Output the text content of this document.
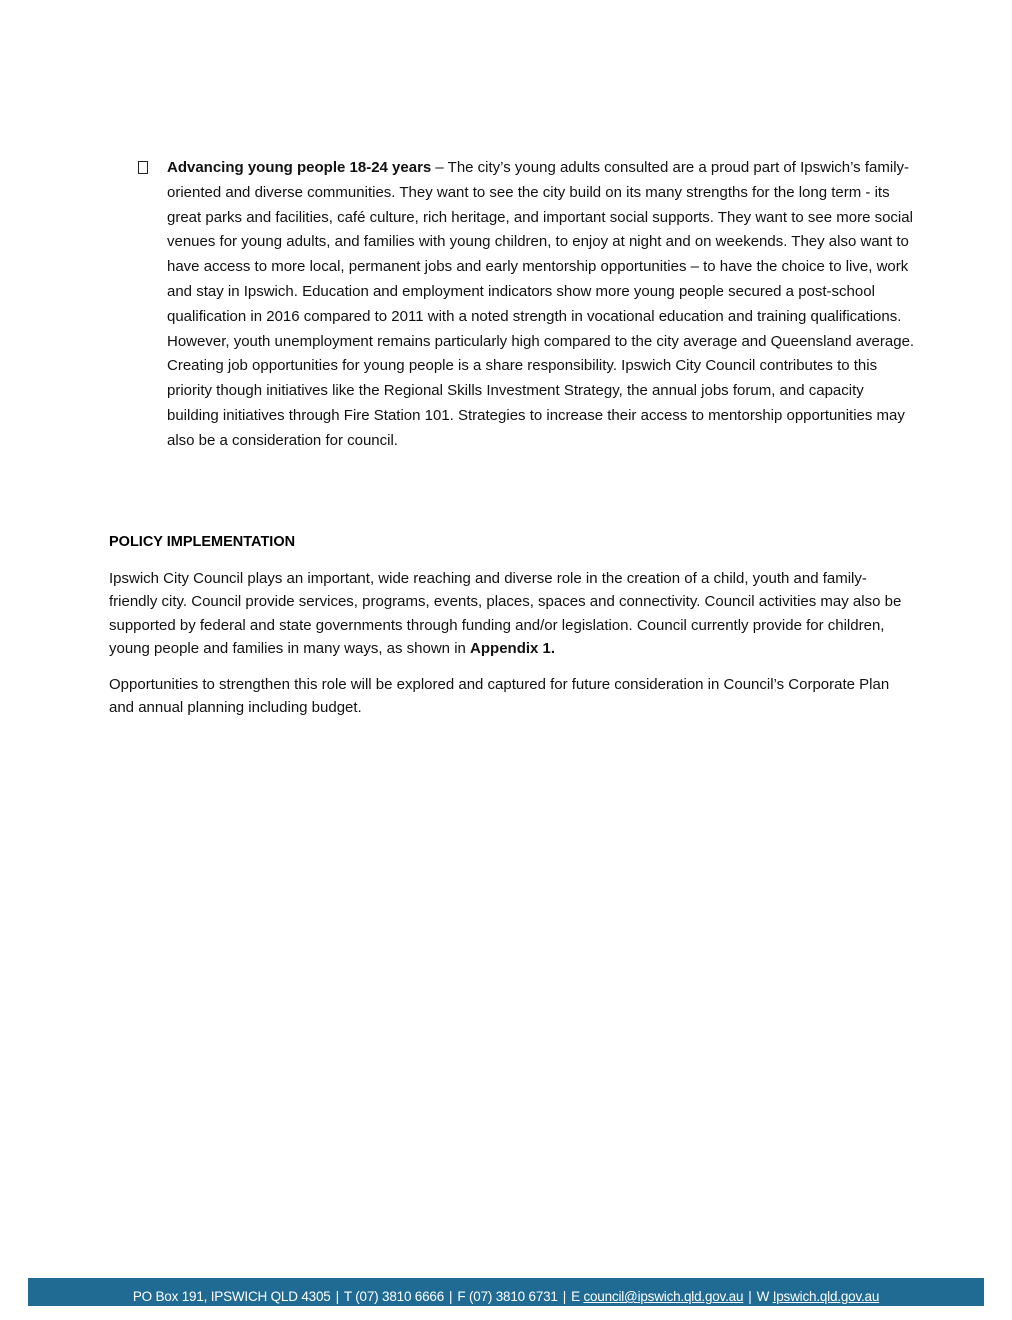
Advancing young people 18-24 years – The city’s young adults consulted are a proud part of Ipswich’s family-oriented and diverse communities. They want to see the city build on its many strengths for the long term - its great parks and facilities, café culture, rich heritage, and important social supports. They want to see more social venues for young adults, and families with young children, to enjoy at night and on weekends. They also want to have access to more local, permanent jobs and early mentorship opportunities – to have the choice to live, work and stay in Ipswich. Education and employment indicators show more young people secured a post-school qualification in 2016 compared to 2011 with a noted strength in vocational education and training qualifications. However, youth unemployment remains particularly high compared to the city average and Queensland average. Creating job opportunities for young people is a share responsibility. Ipswich City Council contributes to this priority though initiatives like the Regional Skills Investment Strategy, the annual jobs forum, and capacity building initiatives through Fire Station 101. Strategies to increase their access to mentorship opportunities may also be a consideration for council.
POLICY IMPLEMENTATION

Ipswich City Council plays an important, wide reaching and diverse role in the creation of a child, youth and family-friendly city. Council provide services, programs, events, places, spaces and connectivity. Council activities may also be supported by federal and state governments through funding and/or legislation. Council currently provide for children, young people and families in many ways, as shown in Appendix 1.

Opportunities to strengthen this role will be explored and captured for future consideration in Council’s Corporate Plan and annual planning including budget.

PO Box 191, IPSWICH QLD 4305 | T (07) 3810 6666 | F (07) 3810 6731 | E council@ipswich.qld.gov.au | W Ipswich.qld.gov.au
